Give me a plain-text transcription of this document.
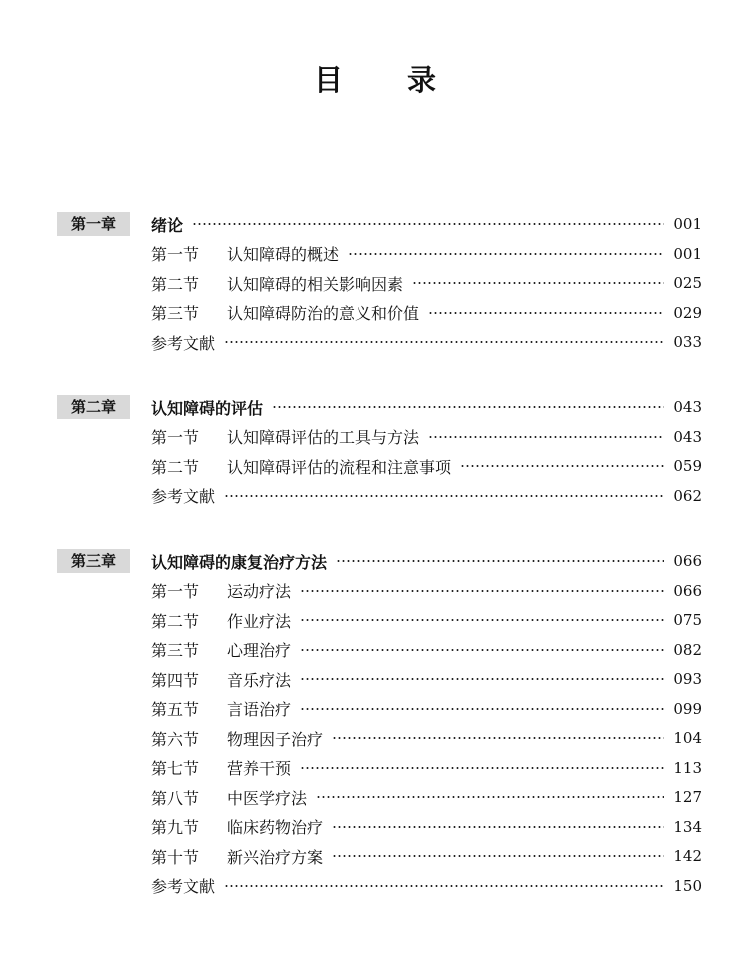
目 录
第一章	绪论	001
第一节	认知障碍的概述	001
第二节	认知障碍的相关影响因素	025
第三节	认知障碍防治的意义和价值	029
参考文献	033
第二章	认知障碍的评估	043
第一节	认知障碍评估的工具与方法	043
第二节	认知障碍评估的流程和注意事项	059
参考文献	062
第三章	认知障碍的康复治疗方法	066
第一节	运动疗法	066
第二节	作业疗法	075
第三节	心理治疗	082
第四节	音乐疗法	093
第五节	言语治疗	099
第六节	物理因子治疗	104
第七节	营养干预	113
第八节	中医学疗法	127
第九节	临床药物治疗	134
第十节	新兴治疗方案	142
参考文献	150
